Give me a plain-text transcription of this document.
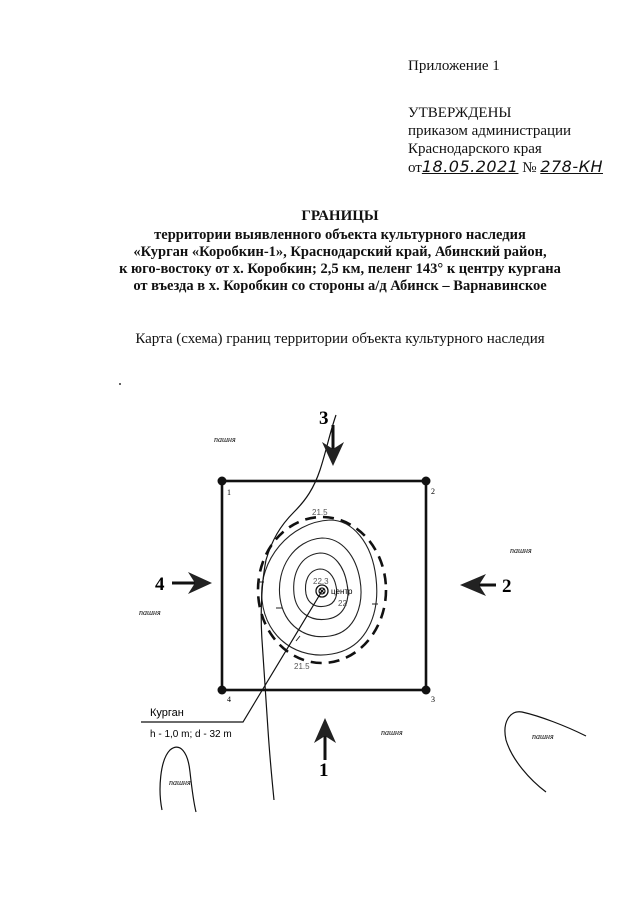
Приложение 1
УТВЕРЖДЕНЫ
приказом администрации
Краснодарского края
от18.05.2021 № 278-КН
ГРАНИЦЫ
территории выявленного объекта культурного наследия
«Курган «Коробкин-1», Краснодарский край, Абинский район,
к юго-востоку от х. Коробкин; 2,5 км, пеленг 143° к центру кургана
от въезда в х. Коробкин со стороны а/д Абинск – Варнавинское
Карта (схема) границ территории объекта культурного наследия
1	2
3
4
центр
21.5
22.3
22
21.5
3
1
4	2
пашня
пашня
пашня
пашня	пашня
пашня
Курган
h - 1,0 m; d - 32 m
